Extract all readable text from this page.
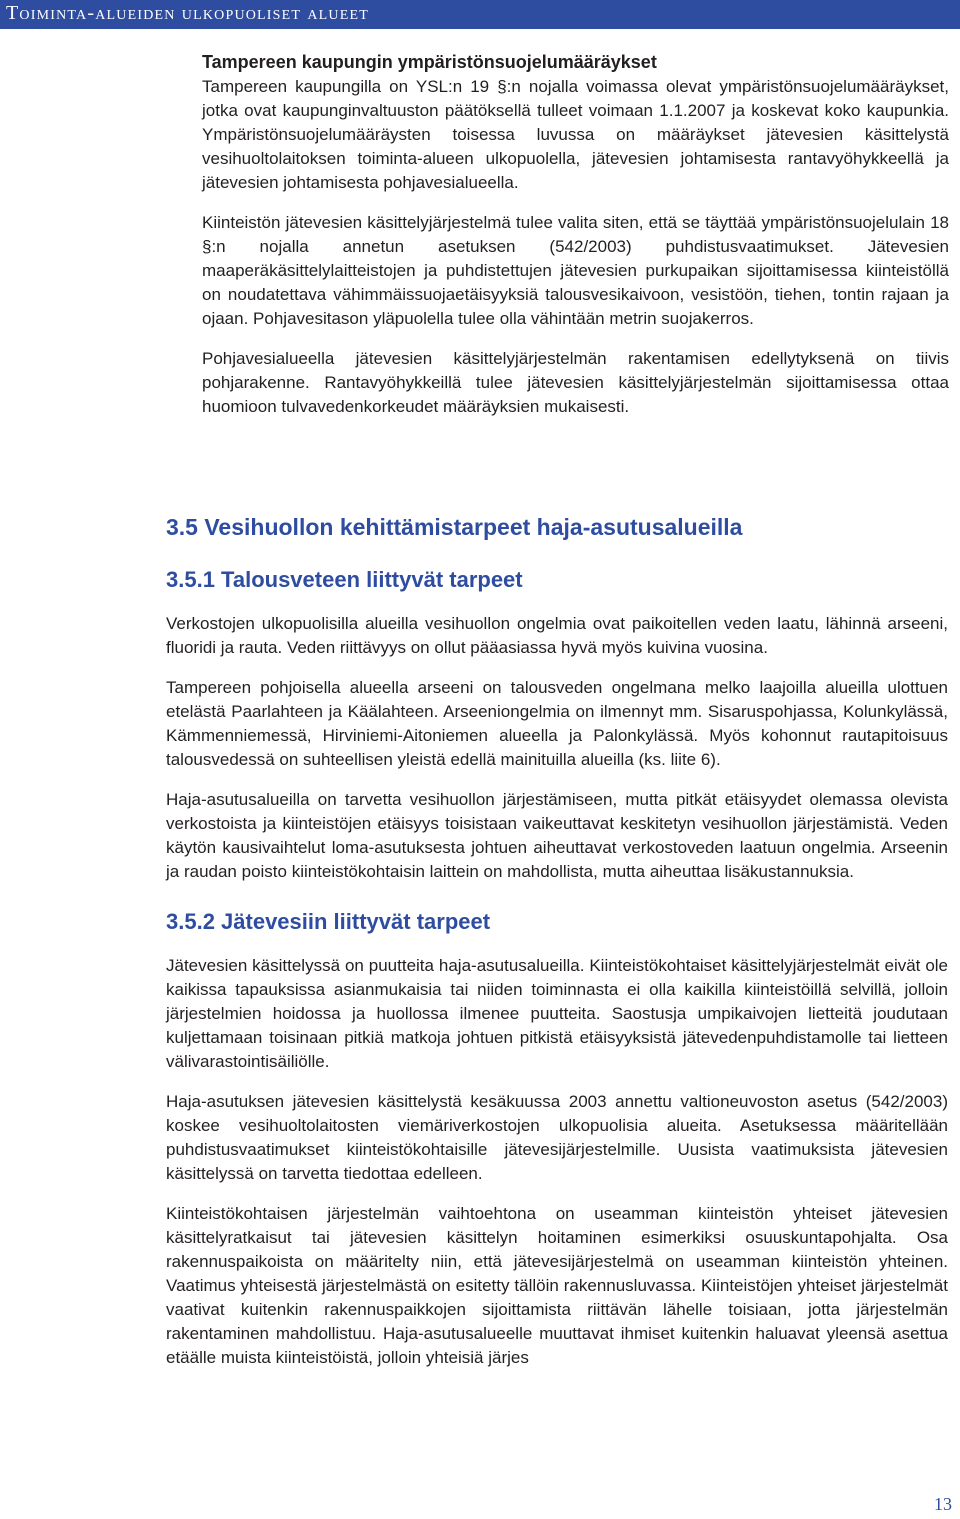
Toiminta-alueiden ulkopuoliset alueet
Tampereen kaupungin ympäristönsuojelumääräykset

Tampereen kaupungilla on YSL:n 19 §:n nojalla voimassa olevat ympäristönsuojelumääräykset, jotka ovat kaupunginvaltuuston päätöksellä tulleet voimaan 1.1.2007 ja koskevat koko kaupunkia. Ympäristönsuojelumääräysten toisessa luvussa on määräykset jätevesien käsittelystä vesihuoltolaitoksen toiminta-alueen ulkopuolella, jätevesien johtamisesta rantavyöhykkeellä ja jätevesien johtamisesta pohjavesialueella.

Kiinteistön jätevesien käsittelyjärjestelmä tulee valita siten, että se täyttää ympäristönsuojelulain 18 §:n nojalla annetun asetuksen (542/2003) puhdistusvaatimukset. Jätevesien maaperäkäsittelylaitteistojen ja puhdistettujen jätevesien purkupaikan sijoittamisessa kiinteistöllä on noudatettava vähimmäissuojaetäisyyksiä talousvesikaivoon, vesistöön, tiehen, tontin rajaan ja ojaan. Pohjavesitason yläpuolella tulee olla vähintään metrin suojakerros.

Pohjavesialueella jätevesien käsittelyjärjestelmän rakentamisen edellytyksenä on tiivis pohjarakenne. Rantavyöhykkeillä tulee jätevesien käsittelyjärjestelmän sijoittamisessa ottaa huomioon tulvavedenkorkeudet määräyksien mukaisesti.

3.5 Vesihuollon kehittämistarpeet haja-asutusalueilla
3.5.1 Talousveteen liittyvät tarpeet

Verkostojen ulkopuolisilla alueilla vesihuollon ongelmia ovat paikoitellen veden laatu, lähinnä arseeni, fluoridi ja rauta. Veden riittävyys on ollut pääasiassa hyvä myös kuivina vuosina.

Tampereen pohjoisella alueella arseeni on talousveden ongelmana melko laajoilla alueilla ulottuen etelästä Paarlahteen ja Käälahteen. Arseeniongelmia on ilmennyt mm. Sisaruspohjassa, Kolunkylässä, Kämmenniemessä, Hirviniemi-Aitoniemen alueella ja Palonkylässä. Myös kohonnut rautapitoisuus talousvedessä on suhteellisen yleistä edellä mainituilla alueilla (ks. liite 6).

Haja-asutusalueilla on tarvetta vesihuollon järjestämiseen, mutta pitkät etäisyydet olemassa olevista verkostoista ja kiinteistöjen etäisyys toisistaan vaikeuttavat keskitetyn vesihuollon järjestämistä. Veden käytön kausivaihtelut loma-asutuksesta johtuen aiheuttavat verkostoveden laatuun ongelmia. Arseenin ja raudan poisto kiinteistökohtaisin laittein on mahdollista, mutta aiheuttaa lisäkustannuksia.

3.5.2 Jätevesiin liittyvät tarpeet

Jätevesien käsittelyssä on puutteita haja-asutusalueilla. Kiinteistökohtaiset käsittelyjärjestelmät eivät ole kaikissa tapauksissa asianmukaisia tai niiden toiminnasta ei olla kaikilla kiinteistöillä selvillä, jolloin järjestelmien hoidossa ja huollossa ilmenee puutteita. Saostusja umpikaivojen lietteitä joudutaan kuljettamaan toisinaan pitkiä matkoja johtuen pitkistä etäisyyksistä jätevedenpuhdistamolle tai lietteen välivarastointisäiliölle.

Haja-asutuksen jätevesien käsittelystä kesäkuussa 2003 annettu valtioneuvoston asetus (542/2003) koskee vesihuoltolaitosten viemäriverkostojen ulkopuolisia alueita. Asetuksessa määritellään puhdistusvaatimukset kiinteistökohtaisille jätevesijärjestelmille. Uusista vaatimuksista jätevesien käsittelyssä on tarvetta tiedottaa edelleen.

Kiinteistökohtaisen järjestelmän vaihtoehtona on useamman kiinteistön yhteiset jätevesien käsittelyratkaisut tai jätevesien käsittelyn hoitaminen esimerkiksi osuuskuntapohjalta. Osa rakennuspaikoista on määritelty niin, että jätevesijärjestelmä on useamman kiinteistön yhteinen. Vaatimus yhteisestä järjestelmästä on esitetty tällöin rakennusluvassa. Kiinteistöjen yhteiset järjestelmät vaativat kuitenkin rakennuspaikkojen sijoittamista riittävän lähelle toisiaan, jotta järjestelmän rakentaminen mahdollistuu. Haja-asutusalueelle muuttavat ihmiset kuitenkin haluavat yleensä asettua etäälle muista kiinteistöistä, jolloin yhteisiä järjes

13
